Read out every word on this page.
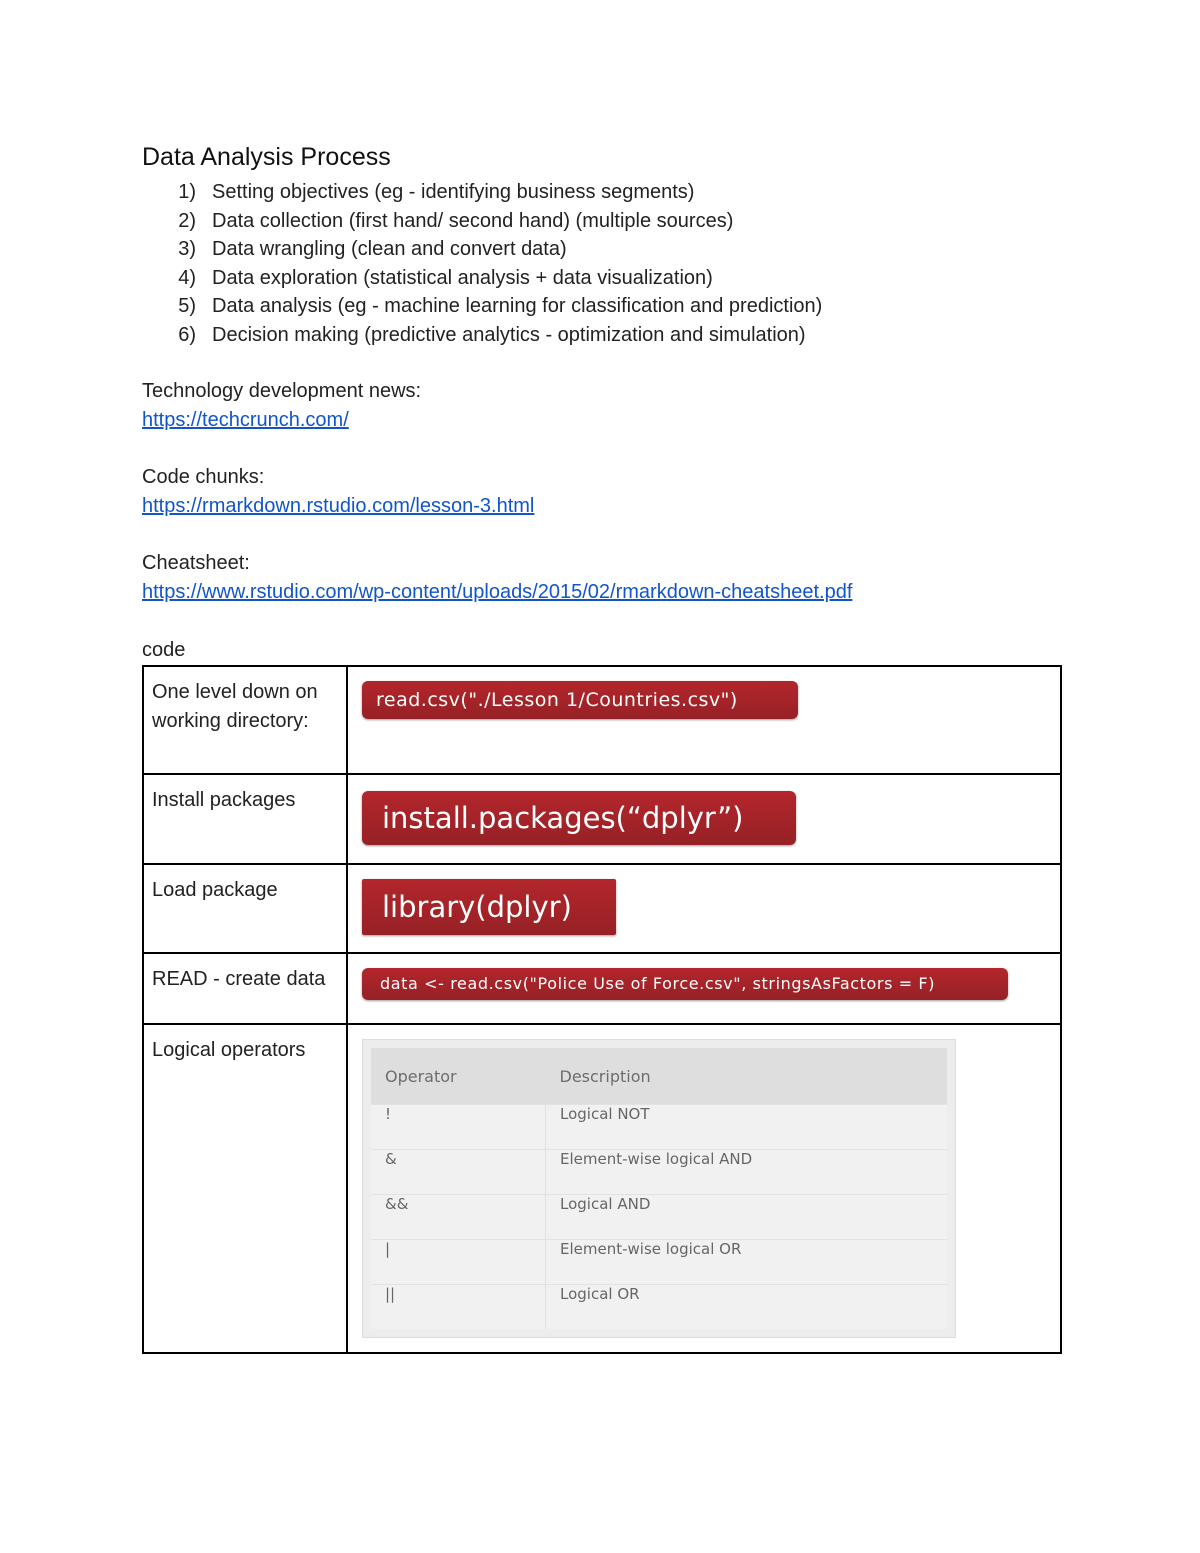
Data Analysis Process
1) Setting objectives (eg - identifying business segments)
2) Data collection (first hand/ second hand) (multiple sources)
3) Data wrangling (clean and convert data)
4) Data exploration (statistical analysis + data visualization)
5) Data analysis (eg - machine learning for classification and prediction)
6) Decision making (predictive analytics - optimization and simulation)
Technology development news:
https://techcrunch.com/
Code chunks:
https://rmarkdown.rstudio.com/lesson-3.html
Cheatsheet:
https://www.rstudio.com/wp-content/uploads/2015/02/rmarkdown-cheatsheet.pdf
code
One level down on working directory:	read.csv("./Lesson 1/Countries.csv")
Install packages	install.packages(“dplyr”)
Load package	library(dplyr)
READ - create data	data <- read.csv("Police Use of Force.csv", stringsAsFactors = F)
Logical operators	
Operator	Description
!	Logical NOT
&	Element-wise logical AND
&&	Logical AND
|	Element-wise logical OR
||	Logical OR
